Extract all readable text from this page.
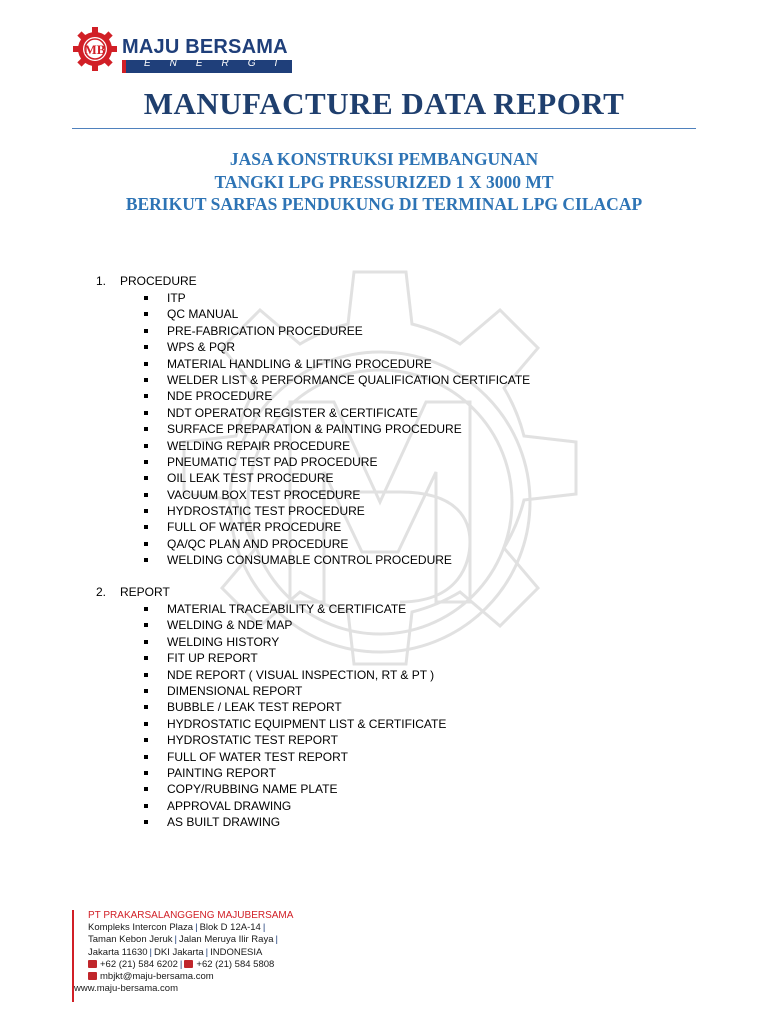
MB MAJU BERSAMA
ENERGI
MANUFACTURE DATA REPORT
JASA KONSTRUKSI PEMBANGUNAN
TANGKI LPG PRESSURIZED 1 X 3000 MT
BERIKUT SARFAS PENDUKUNG DI TERMINAL LPG CILACAP
1. PROCEDURE
ITP
QC MANUAL
PRE-FABRICATION PROCEDUREE
WPS & PQR
MATERIAL HANDLING & LIFTING PROCEDURE
WELDER LIST & PERFORMANCE QUALIFICATION CERTIFICATE
NDE PROCEDURE
NDT OPERATOR REGISTER & CERTIFICATE
SURFACE PREPARATION & PAINTING PROCEDURE
WELDING REPAIR PROCEDURE
PNEUMATIC TEST PAD PROCEDURE
OIL LEAK TEST PROCEDURE
VACUUM BOX TEST PROCEDURE
HYDROSTATIC TEST PROCEDURE
FULL OF WATER PROCEDURE
QA/QC PLAN AND PROCEDURE
WELDING CONSUMABLE CONTROL PROCEDURE
2. REPORT
MATERIAL TRACEABILITY & CERTIFICATE
WELDING & NDE MAP
WELDING HISTORY
FIT UP REPORT
NDE REPORT ( VISUAL INSPECTION, RT & PT )
DIMENSIONAL REPORT
BUBBLE / LEAK TEST REPORT
HYDROSTATIC EQUIPMENT LIST & CERTIFICATE
HYDROSTATIC TEST REPORT
FULL OF WATER TEST REPORT
PAINTING REPORT
COPY/RUBBING NAME PLATE
APPROVAL DRAWING
AS BUILT DRAWING
PT PRAKARSALANGGENG MAJUBERSAMA
Kompleks Intercon Plaza | Blok D 12A-14 |
Taman Kebon Jeruk | Jalan Meruya Ilir Raya |
Jakarta 11630 | DKI Jakarta | INDONESIA
+62 (21) 584 6202 | +62 (21) 584 5808
mbjkt@maju-bersama.com
www.maju-bersama.com
